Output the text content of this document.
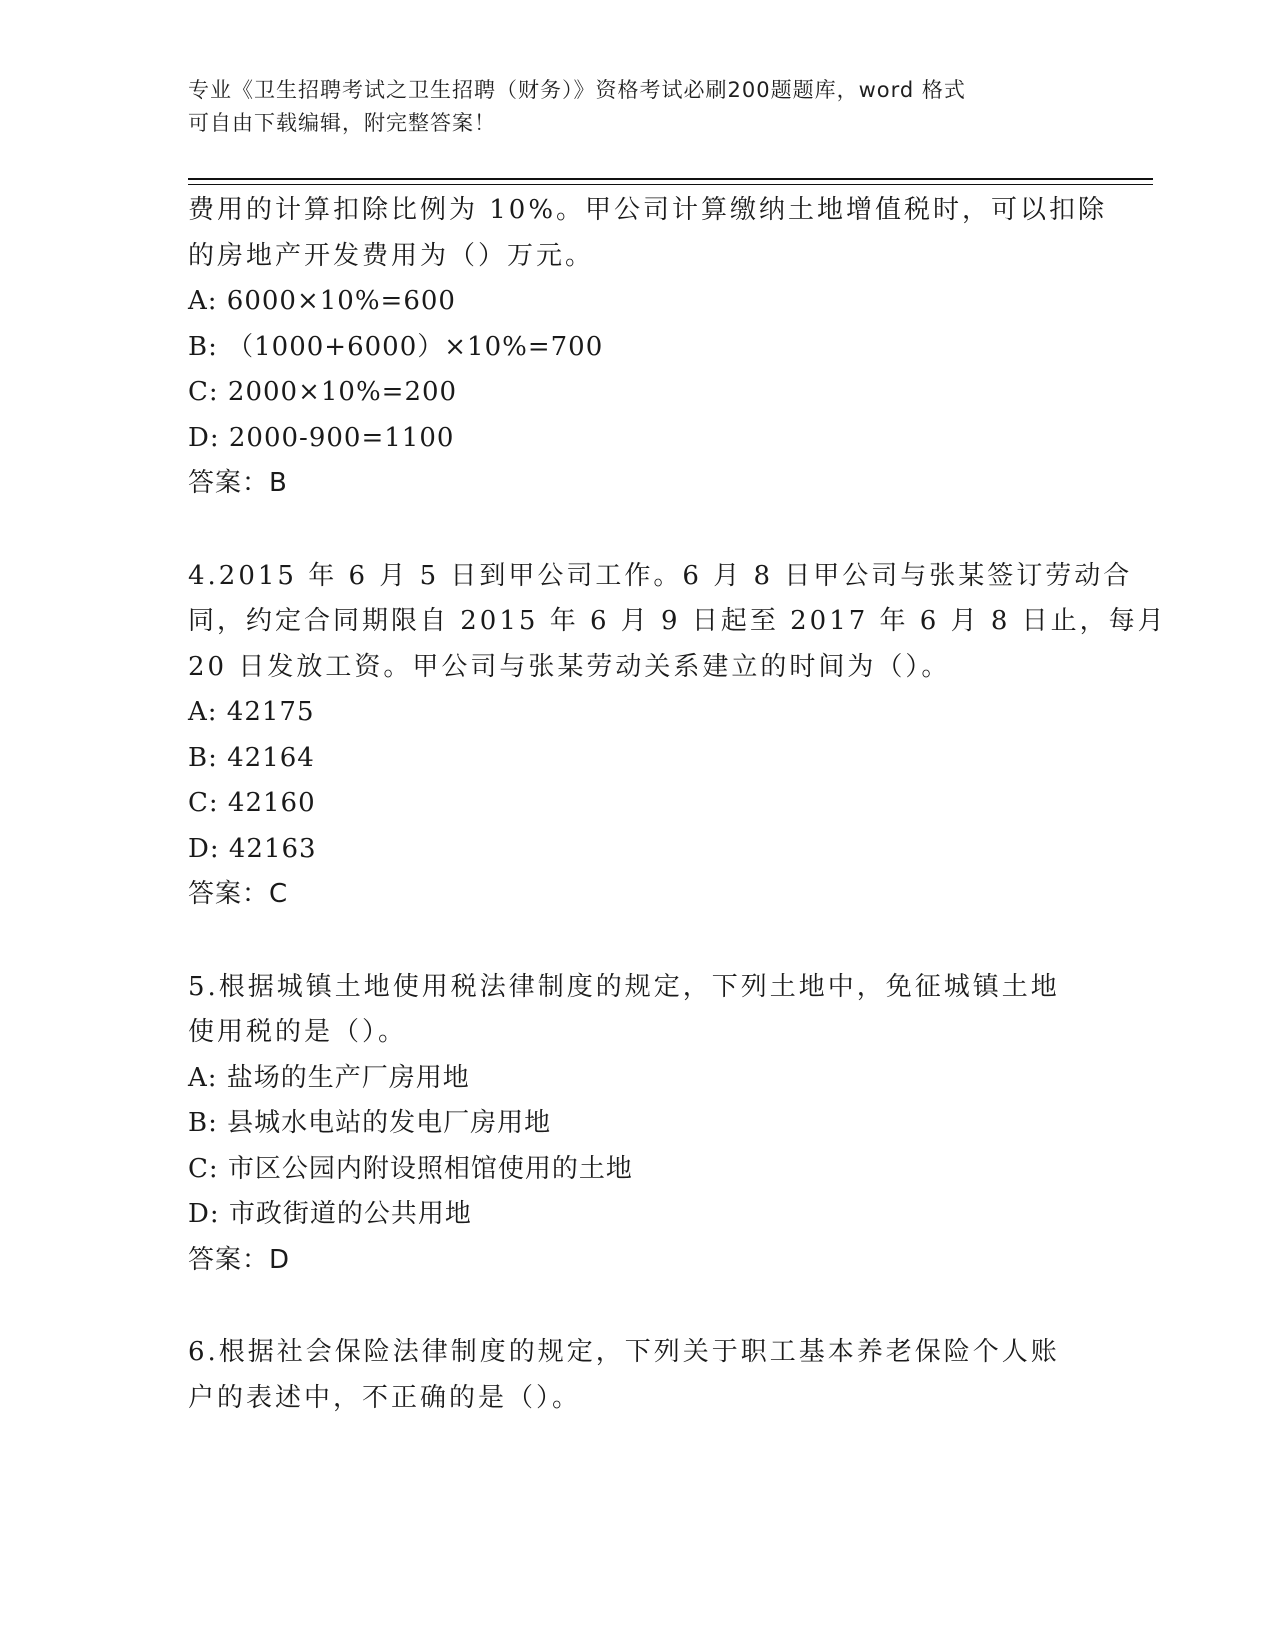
专业《卫生招聘考试之卫生招聘（财务）》资格考试必刷200题题库，word 格式
可自由下载编辑，附完整答案！
费用的计算扣除比例为 10%。甲公司计算缴纳土地增值税时，可以扣除
的房地产开发费用为（）万元。
A: 6000×10%=600
B: （1000+6000）×10%=700
C: 2000×10%=200
D: 2000-900=1100
答案：B
4.2015 年 6 月 5 日到甲公司工作。6 月 8 日甲公司与张某签订劳动合
同，约定合同期限自 2015 年 6 月 9 日起至 2017 年 6 月 8 日止，每月
20 日发放工资。甲公司与张某劳动关系建立的时间为（）。
A: 42175
B: 42164
C: 42160
D: 42163
答案：C
5.根据城镇土地使用税法律制度的规定，下列土地中，免征城镇土地
使用税的是（）。
A: 盐场的生产厂房用地
B: 县城水电站的发电厂房用地
C: 市区公园内附设照相馆使用的土地
D: 市政街道的公共用地
答案：D
6.根据社会保险法律制度的规定，下列关于职工基本养老保险个人账
户的表述中，不正确的是（）。
